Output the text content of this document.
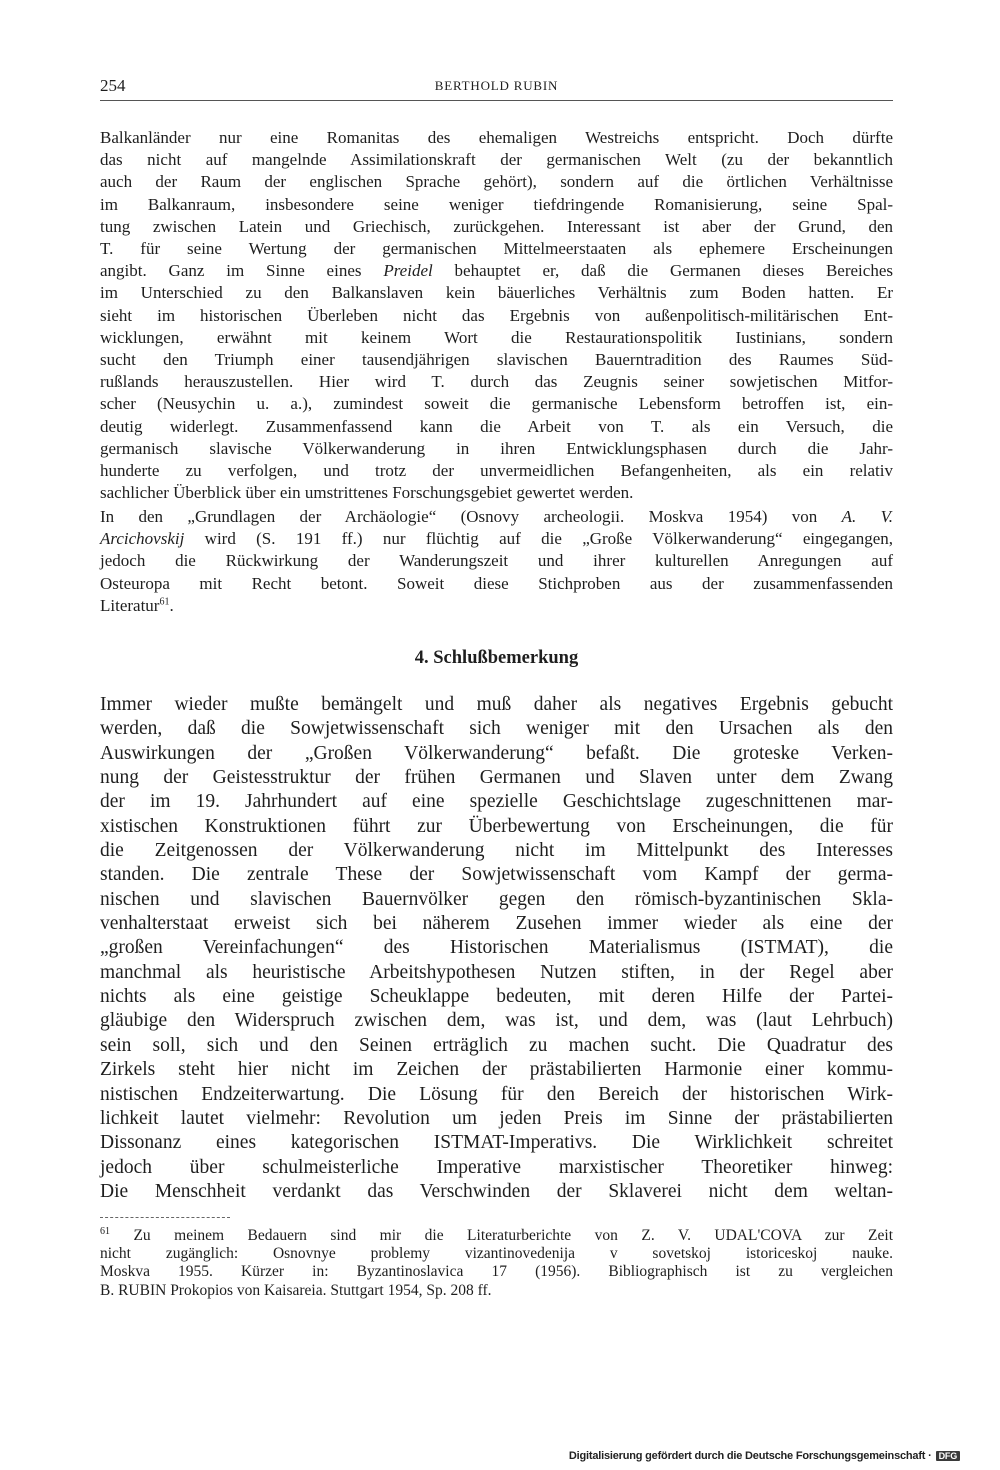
254	BERTHOLD RUBIN
Balkanländer nur eine Romanitas des ehemaligen Westreichs entspricht. Doch dürfte
das nicht auf mangelnde Assimilationskraft der germanischen Welt (zu der bekanntlich
auch der Raum der englischen Sprache gehört), sondern auf die örtlichen Verhältnisse
im Balkanraum, insbesondere seine weniger tiefdringende Romanisierung, seine Spal-
tung zwischen Latein und Griechisch, zurückgehen. Interessant ist aber der Grund, den
T. für seine Wertung der germanischen Mittelmeerstaaten als ephemere Erscheinungen
angibt. Ganz im Sinne eines Preidel behauptet er, daß die Germanen dieses Bereiches
im Unterschied zu den Balkanslaven kein bäuerliches Verhältnis zum Boden hatten. Er
sieht im historischen Überleben nicht das Ergebnis von außenpolitisch-militärischen Ent-
wicklungen, erwähnt mit keinem Wort die Restaurationspolitik Iustinians, sondern
sucht den Triumph einer tausendjährigen slavischen Bauerntradition des Raumes Süd-
rußlands herauszustellen. Hier wird T. durch das Zeugnis seiner sowjetischen Mitfor-
scher (Neusychin u. a.), zumindest soweit die germanische Lebensform betroffen ist, ein-
deutig widerlegt. Zusammenfassend kann die Arbeit von T. als ein Versuch, die
germanisch slavische Völkerwanderung in ihren Entwicklungsphasen durch die Jahr-
hunderte zu verfolgen, und trotz der unvermeidlichen Befangenheiten, als ein relativ
sachlicher Überblick über ein umstrittenes Forschungsgebiet gewertet werden.
In den „Grundlagen der Archäologie“ (Osnovy archeologii. Moskva 1954) von A. V.
Arcichovskij wird (S. 191 ff.) nur flüchtig auf die „Große Völkerwanderung“ eingegangen,
jedoch die Rückwirkung der Wanderungszeit und ihrer kulturellen Anregungen auf
Osteuropa mit Recht betont. Soweit diese Stichproben aus der zusammenfassenden
Literatur$^{61}$.
4. Schlußbemerkung
Immer wieder mußte bemängelt und muß daher als negatives Ergebnis gebucht
werden, daß die Sowjetwissenschaft sich weniger mit den Ursachen als den
Auswirkungen der „Großen Völkerwanderung“ befaßt. Die groteske Verken-
nung der Geistesstruktur der frühen Germanen und Slaven unter dem Zwang
der im 19. Jahrhundert auf eine spezielle Geschichtslage zugeschnittenen mar-
xistischen Konstruktionen führt zur Überbewertung von Erscheinungen, die für
die Zeitgenossen der Völkerwanderung nicht im Mittelpunkt des Interesses
standen. Die zentrale These der Sowjetwissenschaft vom Kampf der germa-
nischen und slavischen Bauernvölker gegen den römisch-byzantinischen Skla-
venhalterstaat erweist sich bei näherem Zusehen immer wieder als eine der
„großen Vereinfachungen“ des Historischen Materialismus (ISTMAT), die
manchmal als heuristische Arbeitshypothesen Nutzen stiften, in der Regel aber
nichts als eine geistige Scheuklappe bedeuten, mit deren Hilfe der Partei-
gläubige den Widerspruch zwischen dem, was ist, und dem, was (laut Lehrbuch)
sein soll, sich und den Seinen erträglich zu machen sucht. Die Quadratur des
Zirkels steht hier nicht im Zeichen der prästabilierten Harmonie einer kommu-
nistischen Endzeiterwartung. Die Lösung für den Bereich der historischen Wirk-
lichkeit lautet vielmehr: Revolution um jeden Preis im Sinne der prästabilierten
Dissonanz eines kategorischen ISTMAT-Imperativs. Die Wirklichkeit schreitet
jedoch über schulmeisterliche Imperative marxistischer Theoretiker hinweg:
Die Menschheit verdankt das Verschwinden der Sklaverei nicht dem weltan-
$^{61}$ Zu meinem Bedauern sind mir die Literaturberichte von Z. V. UDAL'COVA zur Zeit
nicht zugänglich: Osnovnye problemy vizantinovedenija v sovetskoj istoriceskoj nauke.
Moskva 1955. Kürzer in: Byzantinoslavica 17 (1956). Bibliographisch ist zu vergleichen
B. RUBIN Prokopios von Kaisareia. Stuttgart 1954, Sp. 208 ff.
Digitalisierung gefördert durch die Deutsche Forschungsgemeinschaft · DFG
